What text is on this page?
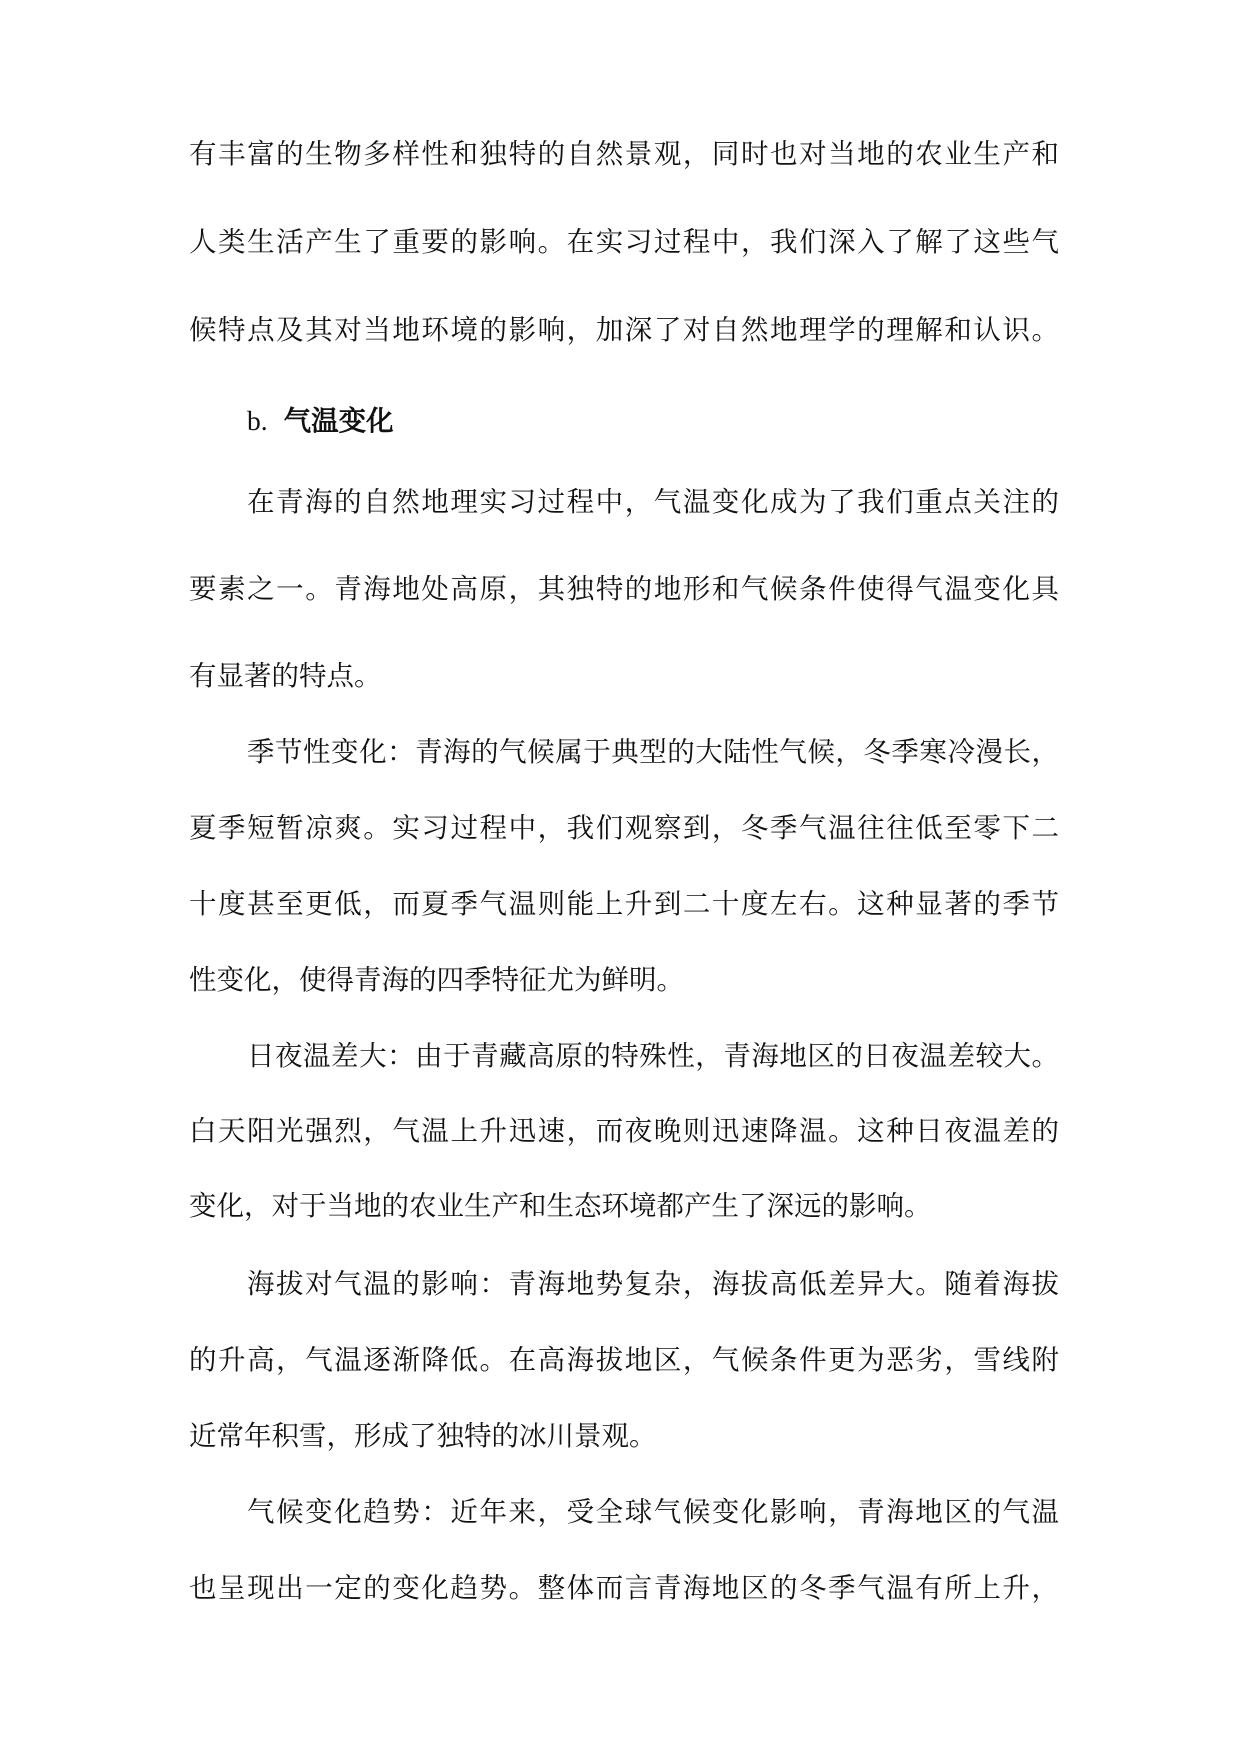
有丰富的生物多样性和独特的自然景观，同时也对当地的农业生产和
人类生活产生了重要的影响。在实习过程中，我们深入了解了这些气
候特点及其对当地环境的影响，加深了对自然地理学的理解和认识。
b. 气温变化
在青海的自然地理实习过程中，气温变化成为了我们重点关注的
要素之一。青海地处高原，其独特的地形和气候条件使得气温变化具
有显著的特点。
季节性变化：青海的气候属于典型的大陆性气候，冬季寒冷漫长，
夏季短暂凉爽。实习过程中，我们观察到，冬季气温往往低至零下二
十度甚至更低，而夏季气温则能上升到二十度左右。这种显著的季节
性变化，使得青海的四季特征尤为鲜明。
日夜温差大：由于青藏高原的特殊性，青海地区的日夜温差较大。
白天阳光强烈，气温上升迅速，而夜晚则迅速降温。这种日夜温差的
变化，对于当地的农业生产和生态环境都产生了深远的影响。
海拔对气温的影响：青海地势复杂，海拔高低差异大。随着海拔
的升高，气温逐渐降低。在高海拔地区，气候条件更为恶劣，雪线附
近常年积雪，形成了独特的冰川景观。
气候变化趋势：近年来，受全球气候变化影响，青海地区的气温
也呈现出一定的变化趋势。整体而言青海地区的冬季气温有所上升，
